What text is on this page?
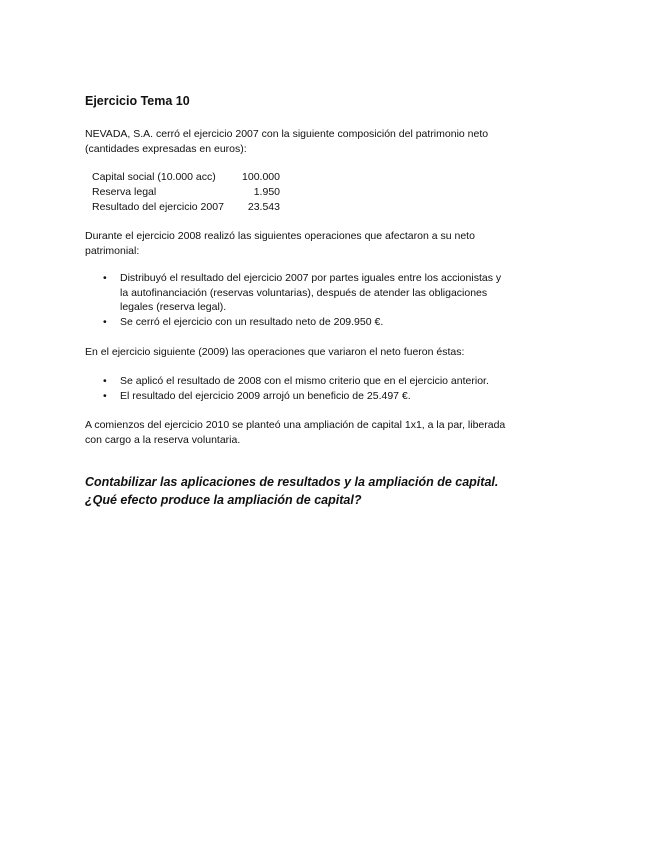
Ejercicio Tema 10

NEVADA, S.A. cerró el ejercicio 2007 con la siguiente composición del patrimonio neto (cantidades expresadas en euros):

Capital social (10.000 acc)	100.000
Reserva legal	1.950
Resultado del ejercicio 2007	23.543

Durante el ejercicio 2008 realizó las siguientes operaciones que afectaron a su neto patrimonial:

• Distribuyó el resultado del ejercicio 2007 por partes iguales entre los accionistas y la autofinanciación (reservas voluntarias), después de atender las obligaciones legales (reserva legal).
• Se cerró el ejercicio con un resultado neto de 209.950 €.

En el ejercicio siguiente (2009) las operaciones que variaron el neto fueron éstas:

• Se aplicó el resultado de 2008 con el mismo criterio que en el ejercicio anterior.
• El resultado del ejercicio 2009 arrojó un beneficio de 25.497 €.

A comienzos del ejercicio 2010 se planteó una ampliación de capital 1x1, a la par, liberada con cargo a la reserva voluntaria.

Contabilizar las aplicaciones de resultados y la ampliación de capital.
¿Qué efecto produce la ampliación de capital?
